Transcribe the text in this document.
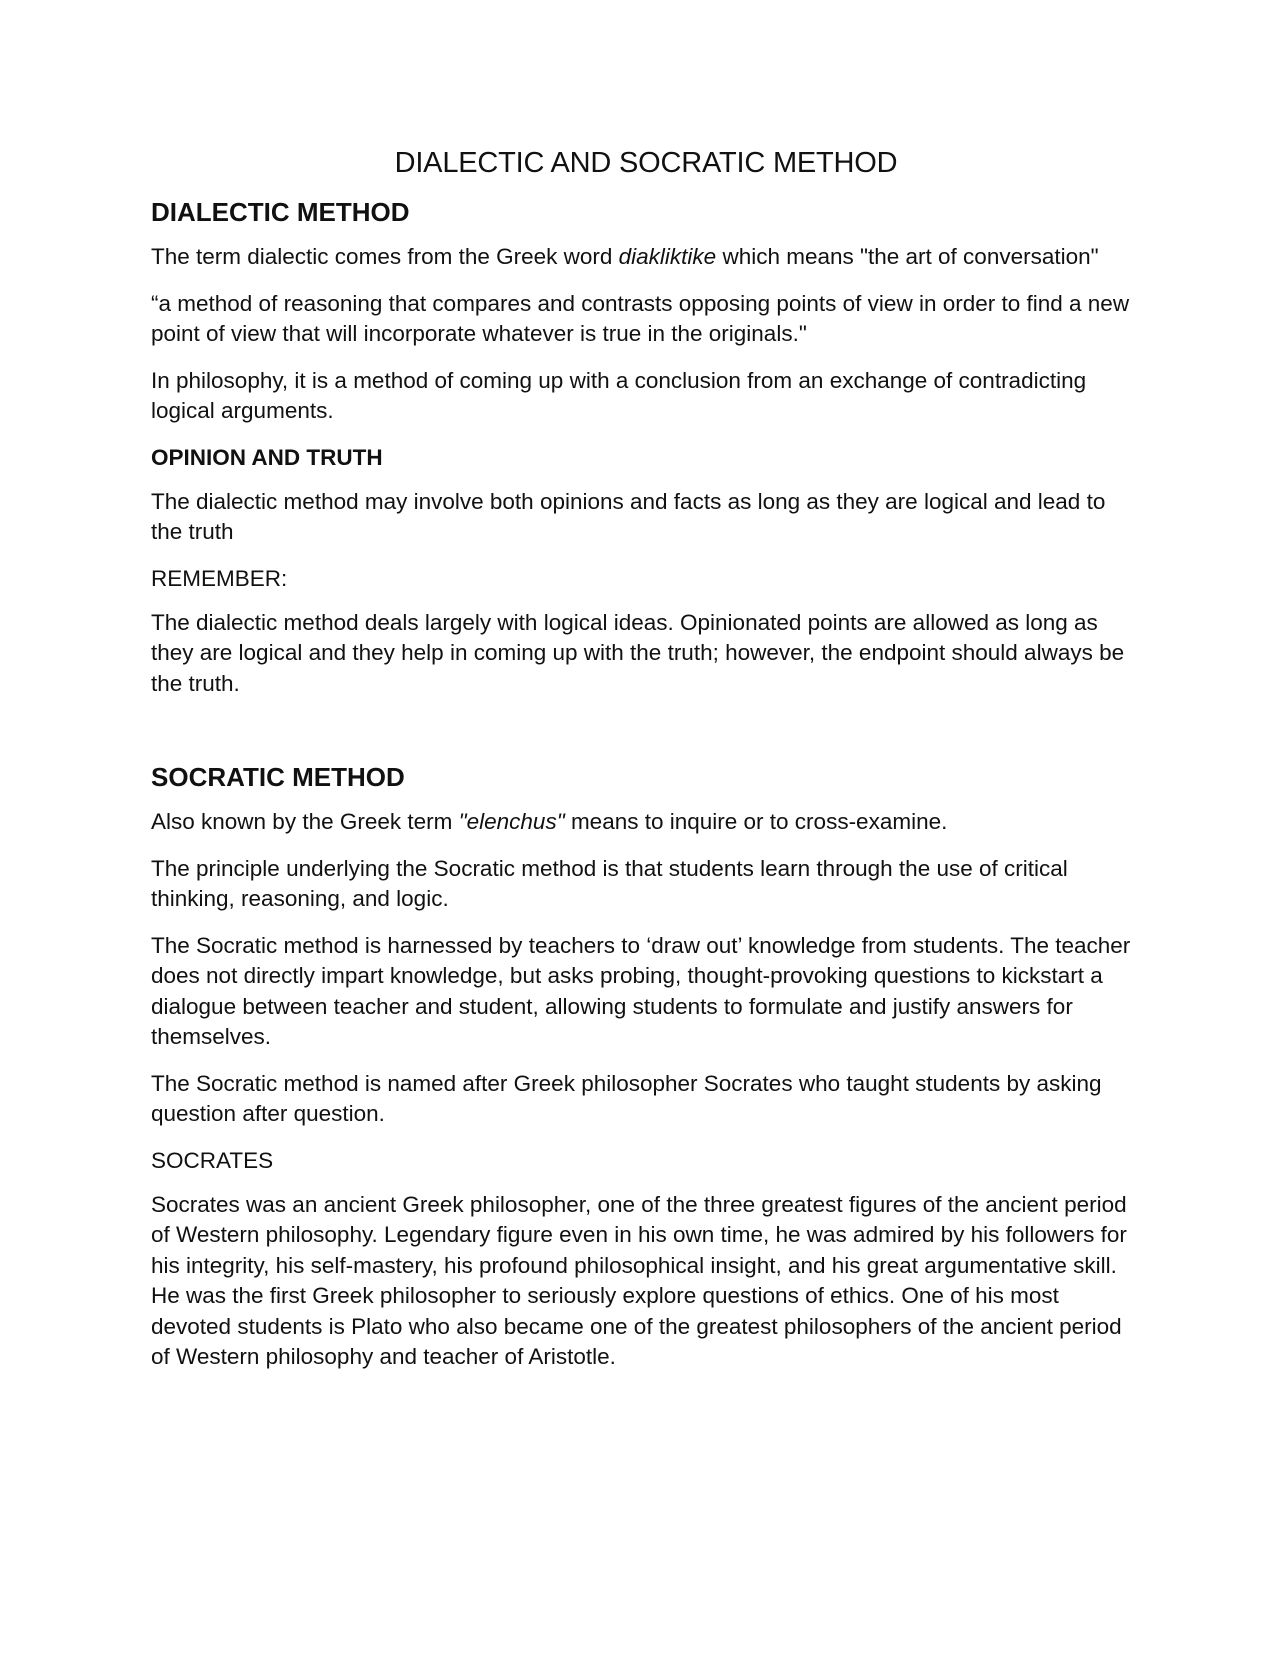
DIALECTIC AND SOCRATIC METHOD
DIALECTIC METHOD

The term dialectic comes from the Greek word diakliktike which means "the art of conversation"

“a method of reasoning that compares and contrasts opposing points of view in order to find a new point of view that will incorporate whatever is true in the originals."

In philosophy, it is a method of coming up with a conclusion from an exchange of contradicting logical arguments.

OPINION AND TRUTH

The dialectic method may involve both opinions and facts as long as they are logical and lead to the truth

REMEMBER:

The dialectic method deals largely with logical ideas. Opinionated points are allowed as long as they are logical and they help in coming up with the truth; however, the endpoint should always be the truth.

SOCRATIC METHOD

Also known by the Greek term "elenchus" means to inquire or to cross-examine.

The principle underlying the Socratic method is that students learn through the use of critical thinking, reasoning, and logic.

The Socratic method is harnessed by teachers to ‘draw out’ knowledge from students. The teacher does not directly impart knowledge, but asks probing, thought-provoking questions to kickstart a dialogue between teacher and student, allowing students to formulate and justify answers for themselves.

The Socratic method is named after Greek philosopher Socrates who taught students by asking question after question.

SOCRATES

Socrates was an ancient Greek philosopher, one of the three greatest figures of the ancient period of Western philosophy. Legendary figure even in his own time, he was admired by his followers for his integrity, his self-mastery, his profound philosophical insight, and his great argumentative skill. He was the first Greek philosopher to seriously explore questions of ethics. One of his most devoted students is Plato who also became one of the greatest philosophers of the ancient period of Western philosophy and teacher of Aristotle.
